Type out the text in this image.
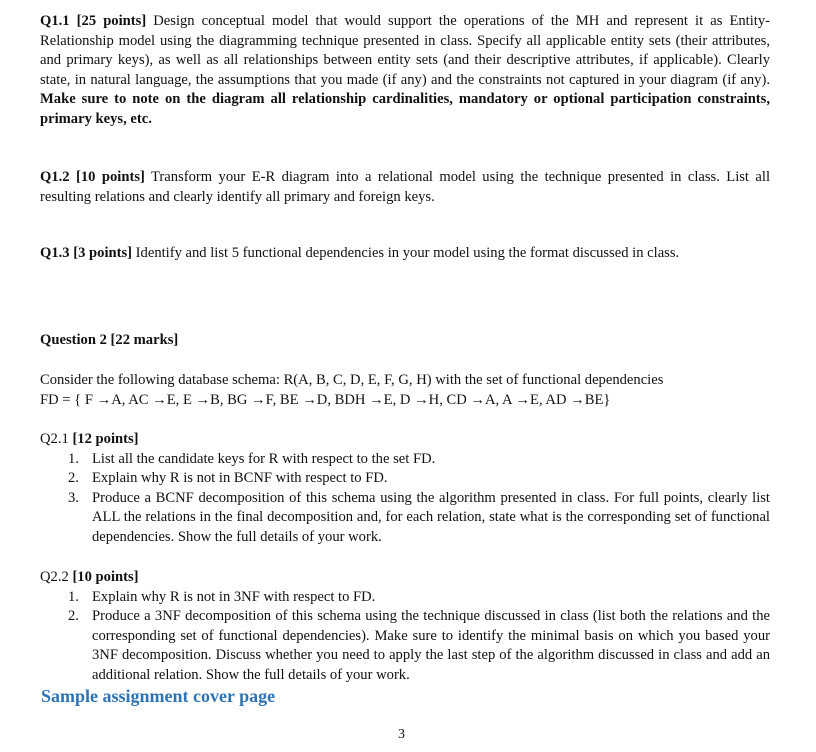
Q1.1 [25 points] Design conceptual model that would support the operations of the MH and represent it as Entity-Relationship model using the diagramming technique presented in class. Specify all applicable entity sets (their attributes, and primary keys), as well as all relationships between entity sets (and their descriptive attributes, if applicable). Clearly state, in natural language, the assumptions that you made (if any) and the constraints not captured in your diagram (if any). Make sure to note on the diagram all relationship cardinalities, mandatory or optional participation constraints, primary keys, etc.
Q1.2 [10 points] Transform your E-R diagram into a relational model using the technique presented in class. List all resulting relations and clearly identify all primary and foreign keys.
Q1.3 [3 points] Identify and list 5 functional dependencies in your model using the format discussed in class.
Question 2 [22 marks]
Consider the following database schema: R(A, B, C, D, E, F, G, H) with the set of functional dependencies
FD = { F →A, AC →E, E →B, BG →F, BE →D, BDH →E, D →H, CD →A, A →E, AD →BE}
Q2.1 [12 points]
1. List all the candidate keys for R with respect to the set FD.
2. Explain why R is not in BCNF with respect to FD.
3. Produce a BCNF decomposition of this schema using the algorithm presented in class. For full points, clearly list ALL the relations in the final decomposition and, for each relation, state what is the corresponding set of functional dependencies. Show the full details of your work.
Q2.2 [10 points]
1. Explain why R is not in 3NF with respect to FD.
2. Produce a 3NF decomposition of this schema using the technique discussed in class (list both the relations and the corresponding set of functional dependencies). Make sure to identify the minimal basis on which you based your 3NF decomposition. Discuss whether you need to apply the last step of the algorithm discussed in class and add an additional relation. Show the full details of your work.
Sample assignment cover page
3
